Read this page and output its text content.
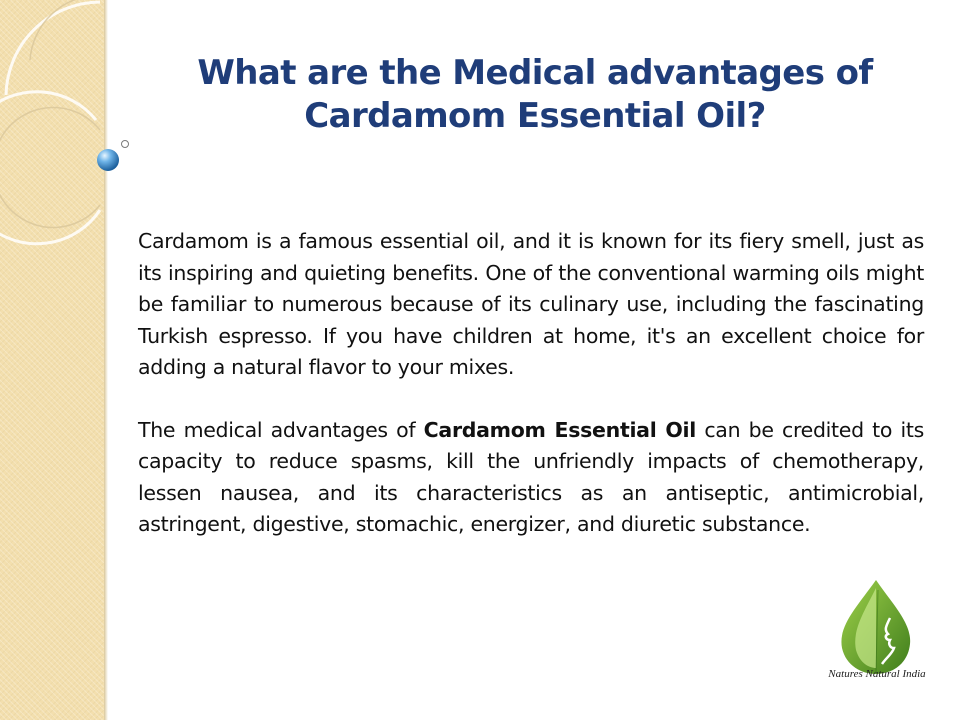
What are the Medical advantages of
Cardamom Essential Oil?

Cardamom is a famous essential oil, and it is known for its fiery smell, just as its inspiring and quieting benefits. One of the conventional warming oils might be familiar to numerous because of its culinary use, including the fascinating Turkish espresso. If you have children at home, it's an excellent choice for adding a natural flavor to your mixes.

The medical advantages of Cardamom Essential Oil can be credited to its capacity to reduce spasms, kill the unfriendly impacts of chemotherapy, lessen nausea, and its characteristics as an antiseptic, antimicrobial, astringent, digestive, stomachic, energizer, and diuretic substance.

Natures Natural India
